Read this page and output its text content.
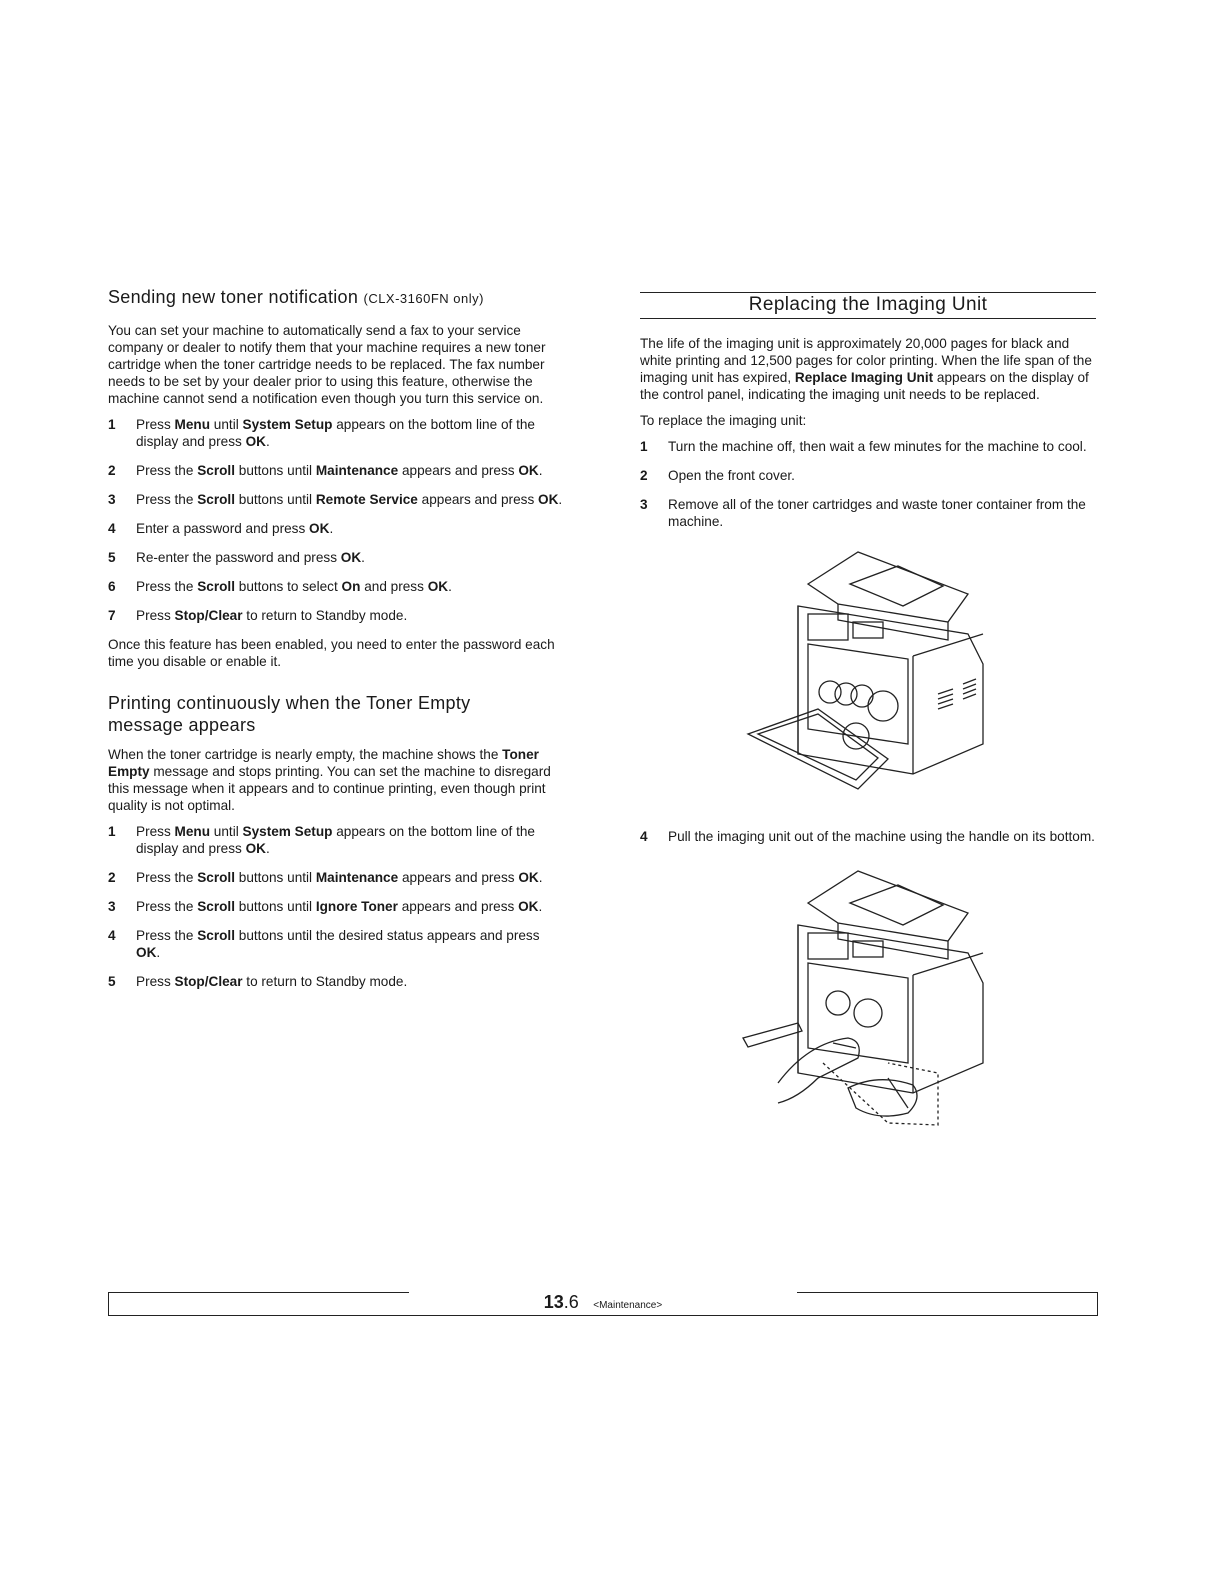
Sending new toner notification (CLX-3160FN only)

You can set your machine to automatically send a fax to your service company or dealer to notify them that your machine requires a new toner cartridge when the toner cartridge needs to be replaced. The fax number needs to be set by your dealer prior to using this feature, otherwise the machine cannot send a notification even though you turn this service on.

1 Press Menu until System Setup appears on the bottom line of the display and press OK.
2 Press the Scroll buttons until Maintenance appears and press OK.
3 Press the Scroll buttons until Remote Service appears and press OK.
4 Enter a password and press OK.
5 Re-enter the password and press OK.
6 Press the Scroll buttons to select On and press OK.
7 Press Stop/Clear to return to Standby mode.

Once this feature has been enabled, you need to enter the password each time you disable or enable it.

Printing continuously when the Toner Empty
message appears

When the toner cartridge is nearly empty, the machine shows the Toner Empty message and stops printing. You can set the machine to disregard this message when it appears and to continue printing, even though print quality is not optimal.

1 Press Menu until System Setup appears on the bottom line of the display and press OK.
2 Press the Scroll buttons until Maintenance appears and press OK.
3 Press the Scroll buttons until Ignore Toner appears and press OK.
4 Press the Scroll buttons until the desired status appears and press OK.
5 Press Stop/Clear to return to Standby mode.
Replacing the Imaging Unit

The life of the imaging unit is approximately 20,000 pages for black and white printing and 12,500 pages for color printing. When the life span of the imaging unit has expired, Replace Imaging Unit appears on the display of the control panel, indicating the imaging unit needs to be replaced.

To replace the imaging unit:

1 Turn the machine off, then wait a few minutes for the machine to cool.
2 Open the front cover.
3 Remove all of the toner cartridges and waste toner container from the machine.
4 Pull the imaging unit out of the machine using the handle on its bottom.
13.6 <Maintenance>
